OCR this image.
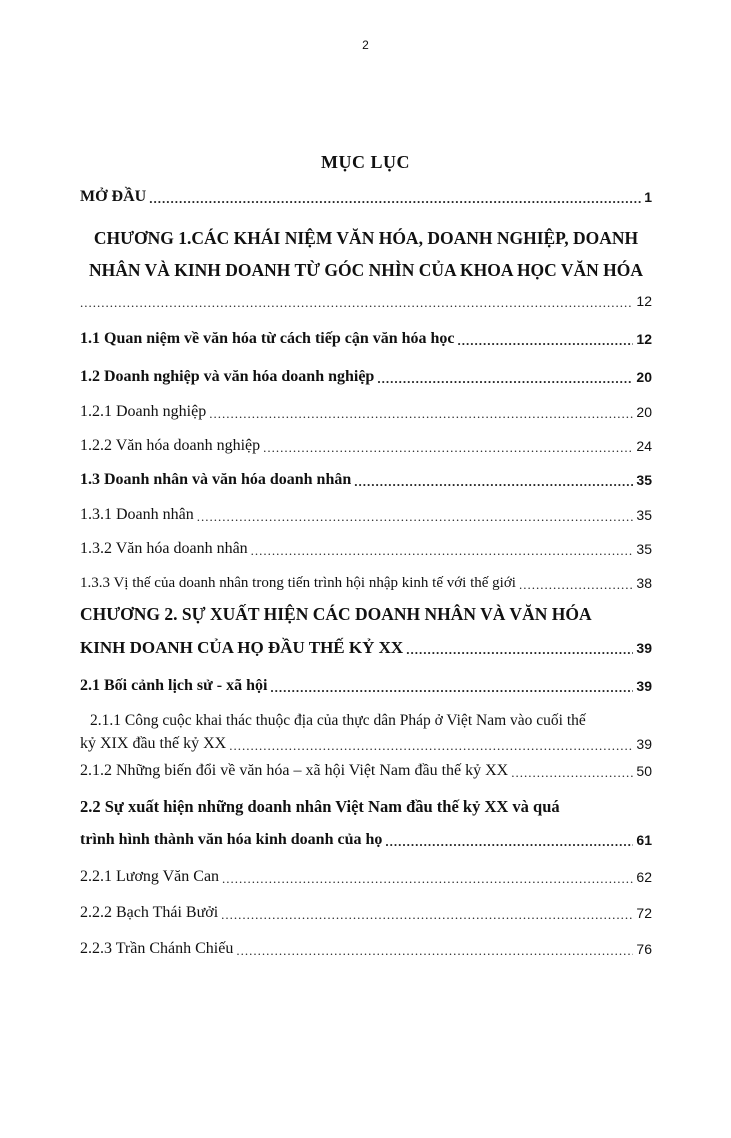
2
MỤC LỤC
MỞ ĐẦU .....	1
CHƯƠNG 1.CÁC KHÁI NIỆM VĂN HÓA, DOANH NGHIỆP, DOANH
NHÂN VÀ KINH DOANH TỪ GÓC NHÌN CỦA KHOA HỌC VĂN HÓA
.....
12
1.1 Quan niệm về văn hóa từ cách tiếp cận văn hóa học .....	12
1.2 Doanh nghiệp và văn hóa doanh nghiệp .....	20
1.2.1 Doanh nghiệp .....	20
1.2.2 Văn hóa doanh nghiệp .....	24
1.3 Doanh nhân và văn hóa doanh nhân .....	35
1.3.1 Doanh nhân .....	35
1.3.2 Văn hóa doanh nhân .....	35
1.3.3 Vị thế của doanh nhân trong tiến trình hội nhập kinh tế với thế giới .....	38
CHƯƠNG 2. SỰ XUẤT HIỆN CÁC DOANH NHÂN VÀ VĂN HÓA
KINH DOANH CỦA HỌ ĐẦU THẾ KỶ XX .....	39
2.1 Bối cảnh lịch sử - xã hội .....	39
2.1.1 Công cuộc khai thác thuộc địa của thực dân Pháp ở Việt Nam vào cuối thế
kỷ XIX đầu thế kỷ XX .....	39
2.1.2 Những biến đổi về văn hóa – xã hội Việt Nam đầu thế kỷ XX .....	50
2.2 Sự xuất hiện những doanh nhân Việt Nam đầu thế kỷ XX và quá
trình hình thành văn hóa kinh doanh của họ .....	61
2.2.1 Lương Văn Can .....	62
2.2.2 Bạch Thái Bưởi .....	72
2.2.3 Trần Chánh Chiếu .....	76
